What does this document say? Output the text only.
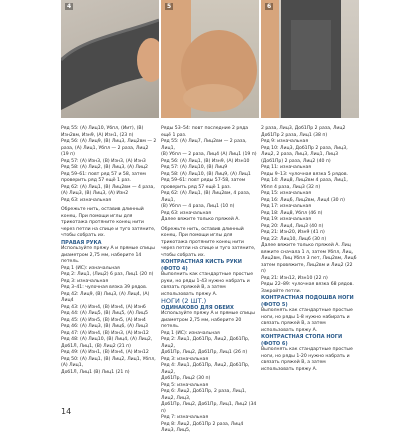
4	5	6

Ряд 55: (A) Лиц10, Убпл, (Иит), (B) Изн2вм, Изн9, (A) Изн1, (23 п)

Ряд 56: (A) Лиц9, (B) Лиц3, Лиц2вм — 2 раза, (A) Лиц1, Убпл — 2 раза, Лиц2 (19 п)

Ряд 57: (A) Изн3, (B) Изн3, (A) Изн3

Ряд 58: (A) Лиц2, (B) Лиц3, (A) Лиц2

Ряд 59–61: повт ряд 57 и 58, затем

проверить ряд 57 ещё 1 раз.

Ряд 62: (A) Лиц1, (B) Лиц2вм — 4 раза, (A) Лиц3, (B) Лиц3, (A) Изн2

Ряд 63: изначальная

Обрежьте нить, оставив длинный конец. При помощи иглы для трикотажа протяните конец нити через петли на спице и туго затяните, чтобы собрать их.

ПРАВАЯ РУКА

Используйте пряжу A и прямые спицы диаметром 2,75 мм, наберите 14 петель.

Ряд 1 (ИС): изначальная

Ряд 2: Лиц1, (Лиц2) 6 раз, Лиц1 (20 п)

Ряд 3: изначальная

Ряд 3–41: чулочная вязка 39 рядов.

Ряд 42: Лиц9, (B) Лиц3, (A) Лиц4, (A) Лиц4

Ряд 43: (A) Изн4, (B) Изн4, (A) Изн6

Ряд 44: (A) Лиц5, (B) Лиц5, (A) Лиц5

Ряд 45: (A) Изн5, (B) Изн5, (A) Изн4

Ряд 46: (A) Лиц3, (B) Лиц6, (A) Лиц3

Ряд 47: (A) Изн4, (B) Изн3, (A) Изн12

Ряд 48: (A) Лиц10, (B) Лиц4, (A) Лиц2,

Доб1Л, Лиц1, (B) Лиц2 (21 п)

Ряд 49: (A) Изн1, (B) Изн4, (A) Изн12

Ряд 50: (A) Лиц1, (B) Лиц2, Лиц1, Убпл, (A) Лиц1,

Доб1Л, Лиц1 (B) Лиц1 (21 п)

Ряды 53–54: повт последние 2 ряда ещё 1 раз.

Ряд 55: (A) Лиц7, Лиц2вм — 2 раза, Лиц1,

(B) Убпл — 2 раза, Лиц4 (A) Лиц1 (19 п)

Ряд 56: (A) Лиц1, (B) Изн9, (A) Изн10

Ряд 57: (A) Лиц10, (B) Лиц9

Ряд 58: (A) Лиц10, (B) Лиц9, (A) Лиц1

Ряд 59–61: повт ряды 57-58, затем

проверить ряд 57 ещё 1 раз.

Ряд 62: (A) Лиц1, (B) Лиц2вм, 4 раза, Лиц1,

(B) Убпл — 4 раза, Лиц1 (10 п)

Ряд 63: изначальная

Далее вяжите только пряжей A.

Обрежьте нить, оставив длинный конец. При помощи иглы для трикотажа протяните конец нити через петли на спице и туго затяните, чтобы собрать их.

КОНТРАСТНАЯ КИСТЬ РУКИ (ФОТО 4)

Выполнить как стандартные простые руки, но ряды 1-43 нужно набрать и связать пряжей B, а затем использовать пряжу A.

НОГИ (2 ШТ.)

ОДИНАКОВО ДЛЯ ОБЕИХ

Используйте пряжу A и прямые спицы диаметром 2,75 мм, наберите 20 петель.

Ряд 1 (ИС): изначальная

Ряд 2: Лиц1, Доб1Пр, Лиц2, Доб1Пр, Лиц2,

Доб1Пр, Лиц2, Доб1Пр, Лиц1 (26 п)

Ряд 3: изначальная

Ряд 4: Лиц1, Доб1Пр, Лиц2, Доб1Пр, Лиц2,

Доб1Пр, Лиц2 (30 п)

Ряд 5: изначальная

Ряд 6: Лиц2, Доб1Пр, 2 раза, Лиц1, Лиц2, Лиц3,

Доб1Пр, Лиц2, Доб1Пр, Лиц1, Лиц2 (34 п)

Ряд 7: изначальная

Ряд 8: Лиц2, Доб1Пр 2 раза, Лиц4 Лиц3, Лиц5,

2 раза, Лиц3, Доб1Пр 2 раза, Лиц2

Доб1Пр 2 раза, Лиц1 (38 п)

Ряд 9: изначальная

Ряд 10: Лиц3, Доб1Пр 2 раза, Лиц3, Лиц2, 2 раза, Лиц3, Лиц1, Лиц3 (Доб1Пр) 2 раза, Лиц2 (40 п)

Ряд 11: изначальная

Ряды 9–13: чулочная вязка 5 рядов.

Ряд 14: Лиц8, Лиц2вм 4 раза, Лиц1,

Убпл 4 раза, Лиц3 (32 п)

Ряд 15: изначальная

Ряд 16: Лиц6, Лиц2вм, Лиц4 (30 п)

Ряд 17: изначальная

Ряд 18: Лиц8, Убпл (46 п)

Ряд 19: изначальная

Ряд 20: Лиц4, Лиц3 (40 п)

Ряд 21: Изн20, Изн9 (41 п)

Ряд 22: Лиц10, Лиц6 (30 п)

Далее вяжите только пряжей A. Лиц вяжите сначала 1 л, затем Убпл, Лиц, Лиц2вм, Лиц Убпл 3 пет, Лиц2вм, Лиц6 затем провяжите, Лиц2вм и Лиц2 (22 п)

Ряд 21: Изн12, Изн10 (22 п)

Ряды 22–89: чулочная вязка 68 рядов.

Закройте петли.

КОНТРАСТНАЯ ПОДОШВА НОГИ (ФОТО 5)

Выполнять как стандартные простые ноги, но ряды 1-8 нужно набирать и связать пряжей B, а затем использовать пряжу A.

КОНТРАСТНАЯ СТОПА НОГИ (ФОТО 6)

Выполнять как стандартные простые ноги, но ряды 1-20 нужно набрать и связать пряжей B, а затем использовать пряжу A.

14
